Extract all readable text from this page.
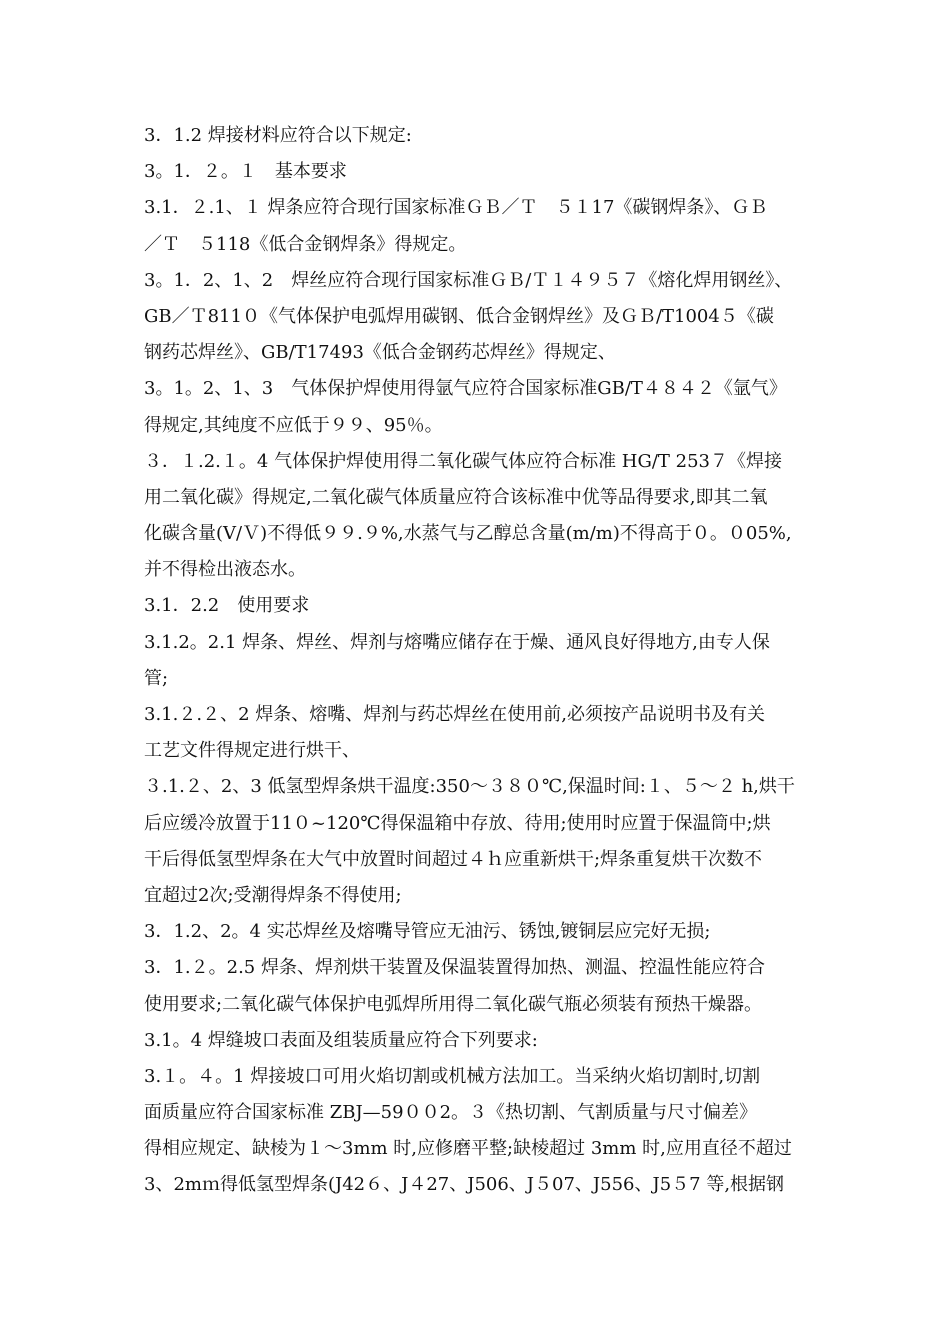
3．1.2 焊接材料应符合以下规定:
3。1．２。１　基本要求
3.1．２.1、１ 焊条应符合现行国家标准ＧＢ／Ｔ　５１17《碳钢焊条》、ＧＢ
／Ｔ　５118《低合金钢焊条》得规定。
3。1．2、1、2　焊丝应符合现行国家标准ＧＢ/Ｔ１４９５７《熔化焊用钢丝》、
GB／Ｔ811０《气体保护电弧焊用碳钢、低合金钢焊丝》及ＧＢ/T1004５《碳
钢药芯焊丝》、GB/T17493《低合金钢药芯焊丝》得规定、
3。1。2、1、3　气体保护焊使用得氩气应符合国家标准GB/T４８４２《氩气》
得规定,其纯度不应低于９９、95％。
３．１.2.１。4 气体保护焊使用得二氧化碳气体应符合标准 HG/T 253７《焊接
用二氧化碳》得规定,二氧化碳气体质量应符合该标准中优等品得要求,即其二氧
化碳含量(V/Ｖ)不得低９９.９%,水蒸气与乙醇总含量(m/m)不得高于０。０05%,
并不得检出液态水。
3.1．2.2　使用要求
3.1.2。2.1 焊条、焊丝、焊剂与熔嘴应储存在于燥、通风良好得地方,由专人保
管;
3.1.２.２、2 焊条、熔嘴、焊剂与药芯焊丝在使用前,必须按产品说明书及有关
工艺文件得规定进行烘干、
３.1.２、2、3 低氢型焊条烘干温度:350～３８０℃,保温时间:１、５～２ h,烘干
后应缓冷放置于11０~120℃得保温箱中存放、待用;使用时应置于保温筒中;烘
干后得低氢型焊条在大气中放置时间超过４ｈ应重新烘干;焊条重复烘干次数不
宜超过2次;受潮得焊条不得使用;
3．1.2、2。4 实芯焊丝及熔嘴导管应无油污、锈蚀,镀铜层应完好无损;
3．1.２。2.5 焊条、焊剂烘干装置及保温装置得加热、测温、控温性能应符合
使用要求;二氧化碳气体保护电弧焊所用得二氧化碳气瓶必须装有预热干燥器。
3.1。4 焊缝坡口表面及组装质量应符合下列要求:
3.１。４。1 焊接坡口可用火焰切割或机械方法加工。当采纳火焰切割时,切割
面质量应符合国家标准 ZBJ—59００2。３《热切割、气割质量与尺寸偏差》
得相应规定、缺棱为１～3mm 时,应修磨平整;缺棱超过 3mm 时,应用直径不超过
3、2mｍ得低氢型焊条(J42６、J４27、J506、J５07、J556、J5５7 等,根据钢
